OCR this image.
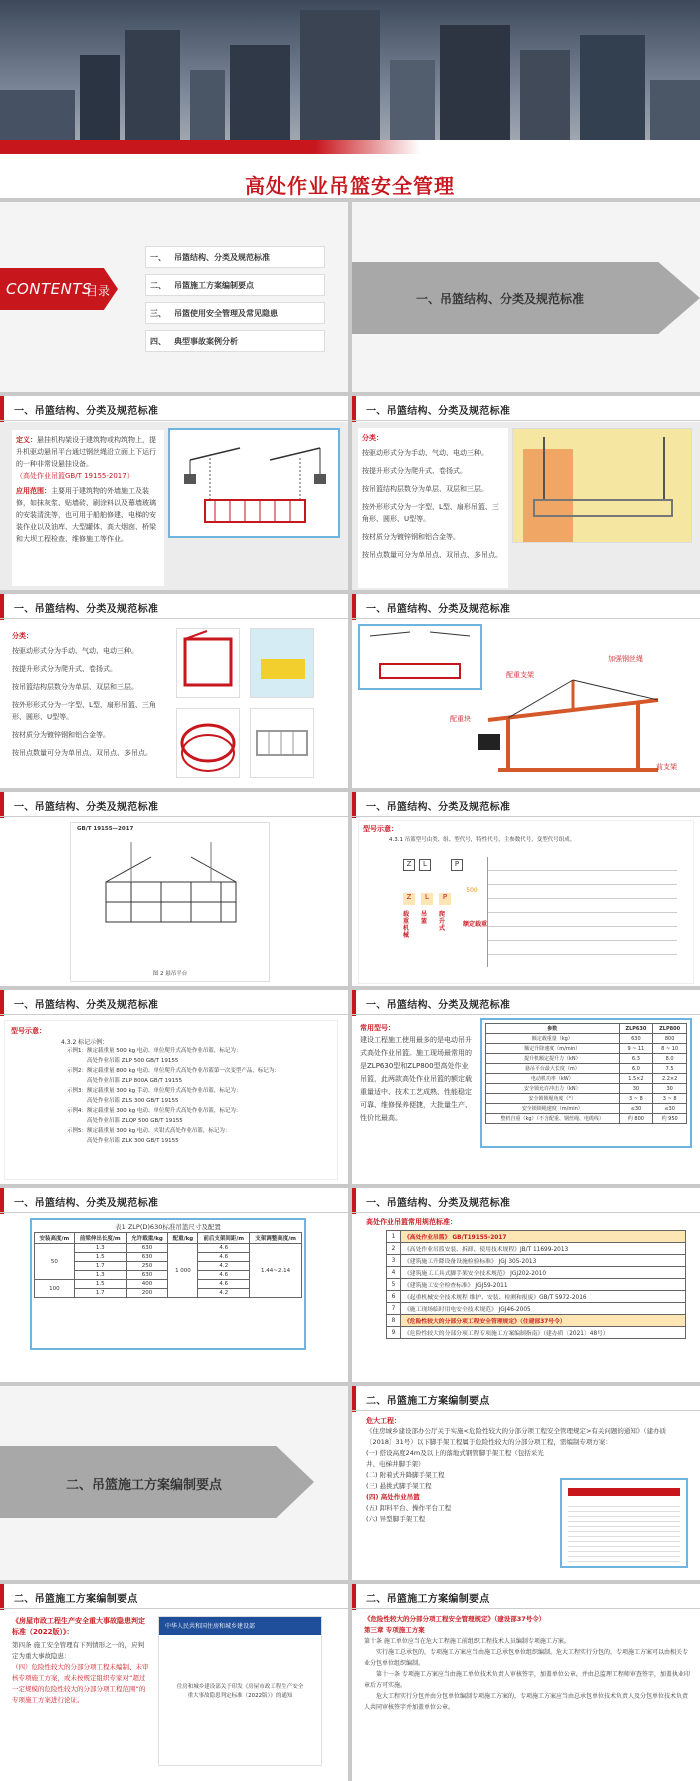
高处作业吊篮安全管理
CONTENTS
目录
一、 吊篮结构、分类及规范标准
二、 吊篮施工方案编制要点
三、 吊篮使用安全管理及常见隐患
四、 典型事故案例分析
一、吊篮结构、分类及规范标准
一、吊篮结构、分类及规范标准
定义：悬挂机构架设于建筑物或构筑物上，提升机驱动悬吊平台通过钢丝绳沿立面上下运行的一种非常设悬挂设备。
（高处作业吊篮GB/T 19155-2017）
应用范围：主要用于建筑物的外墙施工及装修，如抹灰浆、贴墙砖、刷涂料以及幕墙玻璃的安装清洗等，也可用于船舶修建、电梯的安装作业以及油库、大型罐体、高大烟囱、桥梁和大坝工程检查、维修施工等作业。
一、吊篮结构、分类及规范标准
分类：
按驱动形式分为手动、气动、电动三种。
按提升形式分为爬升式、卷扬式。
按吊篮结构层数分为单层、双层和三层。
按外形形式分为一字型、L型、扇形吊篮、三角形、圆形、U型等。
按材质分为镀锌钢和铝合金等。
按吊点数量可分为单吊点、双吊点、多吊点。
一、吊篮结构、分类及规范标准
分类：
按驱动形式分为手动、气动、电动三种。
按提升形式分为爬升式、卷扬式。
按吊篮结构层数分为单层、双层和三层。
按外形形式分为一字型、L型、扇形吊篮、三角形、圆形、U型等。
按材质分为镀锌钢和铝合金等。
按吊点数量可分为单吊点、双吊点、多吊点。
一、吊篮结构、分类及规范标准
加强钢丝绳
配重支架
配重块
前支架
一、吊篮结构、分类及规范标准
GB/T 19155—2017
图 2 悬吊平台
一、吊篮结构、分类及规范标准
型号示意：
4.3.1 吊篮型号由类、组、型代号，特性代号，主参数代号，变型代号组成。
Z	L	P
Z	L	P
500
载重机械
吊篮
爬升式
额定载重
一、吊篮结构、分类及规范标准
型号示意：
4.3.2 标记示例：
示例1：额定载重量 500 kg 电动、单位爬升式高处作业吊篮，标记为：
高处作业吊篮 ZLP 500 GB/T 19155
示例2：额定载重量 800 kg 电动、单位爬升式高处作业吊篮第一次变型产品，标记为：
高处作业吊篮 ZLP 800A GB/T 19155
示例3：额定载重量 300 kg 手动、单位爬升式高处作业吊篮，标记为：
高处作业吊篮 ZLS 300 GB/T 19155
示例4：额定载重量 300 kg 电动、单位爬升式高处作业吊篮，标记为：
高处作业吊篮 ZLQP 500 GB/T 19155
示例5：额定载重量 300 kg 电动、夹钳式高处作业吊篮，标记为：
高处作业吊篮 ZLK 300 GB/T 19155
一、吊篮结构、分类及规范标准
常用型号：
建设工程施工使用最多的是电动吊升式高处作业吊篮。施工现场最常用的是ZLP630型和ZLP800型高处作业吊篮，此两款高处作业吊篮的额定载重量适中、技术工艺成熟、性能稳定可靠、维修保养便捷，大批量生产、性价比最高。
参数	ZLP630	ZLP800
额定载重量（kg）	630	800
额定升降速度（m/min）	9 ~ 11	8 ~ 10
提升机额定提升力（kN）	6.3	8.0
悬吊平台最大长度（m）	6.0	7.5
电动机功率（kW）	1.5×2	2.2×2
安全锁允许冲击力（kN）	30	30
安全锁锁绳角度（°）	3 ~ 8	3 ~ 8
安全锁锁绳速度（m/min）	≤30	≤30
整机自重（kg）（不含配重、钢丝绳、电缆线）	约 800	约 950
一、吊篮结构、分类及规范标准
表1 ZLP(D)630标准吊篮尺寸及配置
安装高度/m	前梁伸出长度/m	允许载重/kg	配重/kg	前后支架间距/m	支架调整高度/m
50	1.3	630	1 000	4.6	1.44~2.14
	1.5	630		4.6	
	1.7	250		4.2	
	1.3	630		4.6	
100	1.5	400		4.6	
	1.7	200		4.2	
一、吊篮结构、分类及规范标准
高处作业吊篮常用规范标准：
1	《高处作业吊篮》 GB/T19155-2017
2	《高处作业吊篮安装、拆卸、使用技术规程》JB/T 11699-2013
3	《建筑施工升降设备设施检验标准》 JGJ 305-2013
4	《建筑施工工具式脚手架安全技术规范》 JGJ202-2010
5	《建筑施工安全检查标准》 JGJ59-2011
6	《起重机械安全技术规程 维护、安装、检测和报废》GB/T 5972-2016
7	《施工现场临时用电安全技术规范》 JGJ46-2005
8	《危险性较大的分部分项工程安全管理规定》（住建部37号令）
9	《危险性较大的分部分项工程专项施工方案编制指南》（建办质〔2021〕48号）
二、吊篮施工方案编制要点
二、吊篮施工方案编制要点
危大工程：
《住房城乡建设部办公厅关于实施<危险性较大的分部分项工程安全管理规定>有关问题的通知》（建办质〔2018〕31号）以下脚手架工程属于危险性较大的分部分项工程，需编制专项方案：
(一) 搭设高度24m及以上的落地式钢管脚手架工程（包括采光井、电梯井脚手架）
(二) 附着式升降脚手架工程
(三) 悬挑式脚手架工程
(四) 高处作业吊篮
(五) 卸料平台、操作平台工程
(六) 异型脚手架工程
二、吊篮施工方案编制要点
《房屋市政工程生产安全重大事故隐患判定标准（2022版）》：
第四条 施工安全管理有下列情形之一的，应判定为重大事故隐患：
（四）危险性较大的分部分项工程未编制、未审核专项施工方案，或未按规定组织专家对“超过一定规模的危险性较大的分部分项工程范围”的专项施工方案进行论证。
中华人民共和国住房和城乡建设部
住房和城乡建设部关于印发《房屋市政工程生产安全重大事故隐患判定标准（2022版）》的通知
二、吊篮施工方案编制要点
《危险性较大的分部分项工程安全管理规定》（建设部37号令）
第三章 专项施工方案
第十条 施工单位应当在危大工程施工前组织工程技术人员编制专项施工方案。
实行施工总承包的，专项施工方案应当由施工总承包单位组织编制。危大工程实行分包的，专项施工方案可以由相关专业分包单位组织编制。
第十一条 专项施工方案应当由施工单位技术负责人审核签字，加盖单位公章，并由总监理工程师审查签字，加盖执业印章后方可实施。
危大工程实行分包并由分包单位编制专项施工方案的，专项施工方案应当由总承包单位技术负责人及分包单位技术负责人共同审核签字并加盖单位公章。
